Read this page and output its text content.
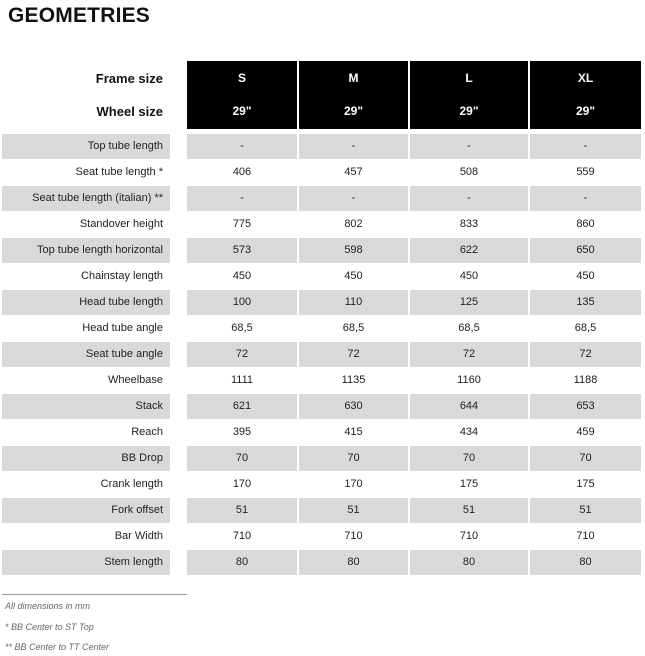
GEOMETRIES
Frame size	S	M	L	XL
Wheel size	29"	29"	29"	29"
Top tube length	-	-	-	-
Seat tube length *	406	457	508	559
Seat tube length (italian) **	-	-	-	-
Standover height	775	802	833	860
Top tube length horizontal	573	598	622	650
Chainstay length	450	450	450	450
Head tube length	100	110	125	135
Head tube angle	68,5	68,5	68,5	68,5
Seat tube angle	72	72	72	72
Wheelbase	1111	1135	1160	1188
Stack	621	630	644	653
Reach	395	415	434	459
BB Drop	70	70	70	70
Crank length	170	170	175	175
Fork offset	51	51	51	51
Bar Width	710	710	710	710
Stem length	80	80	80	80
All dimensions in mm
* BB Center to ST Top
** BB Center to TT Center
